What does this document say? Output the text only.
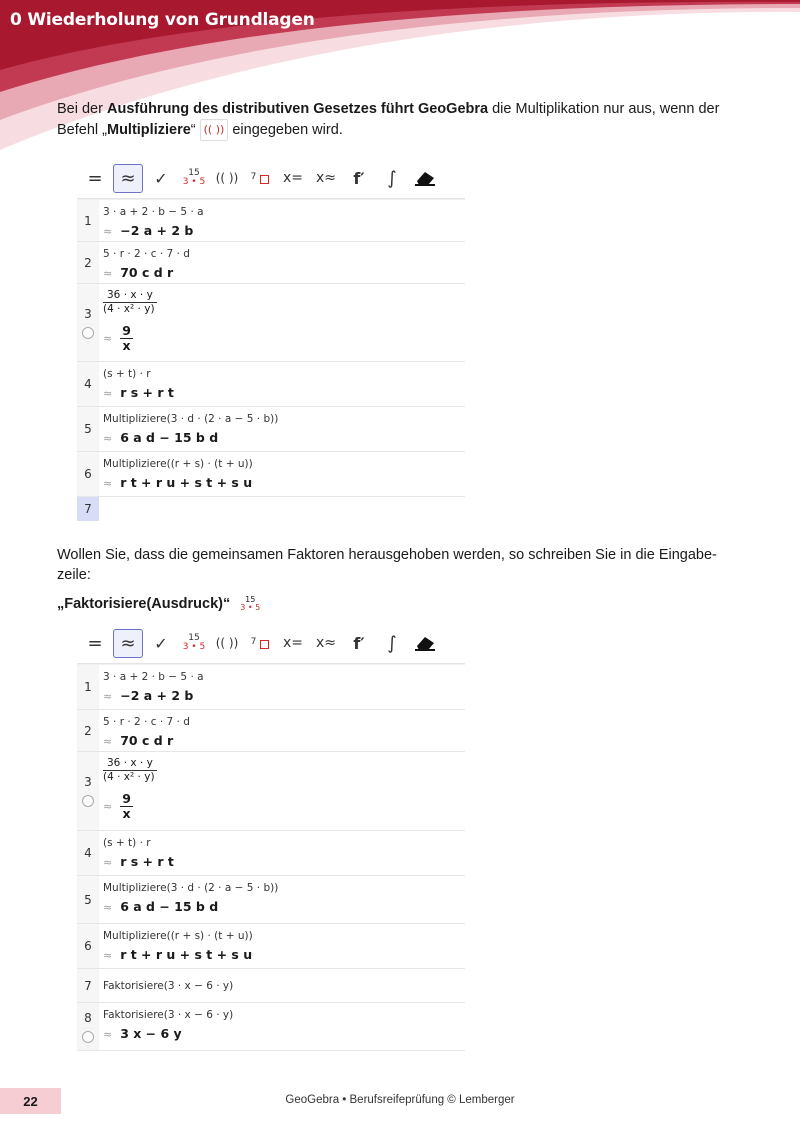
0 Wiederholung von Grundlagen
Bei der Ausführung des distributiven Gesetzes führt GeoGebra die Multiplikation nur aus, wenn der Befehl „Multipliziere“ (( )) eingegeben wird.
= ≈	✓	15
3 • 5 (( ))	7	x= x≈	f′	∫
1
3 · a + 2 · b − 5 · a
≈ −2 a + 2 b
2
5 · r · 2 · c · 7 · d
≈ 70 c d r
$3 \frac{36 \cdot x \cdot y}{\text{(4 · x² · y)}}$
≈ $\frac{9}{x}$
4
(s + t) · r
≈ r s + r t
5
Multipliziere(3 · d · (2 · a − 5 · b))
≈ 6 a d − 15 b d
6
Multipliziere((r + s) · (t + u))
≈ r t + r u + s t + s u
7
Wollen Sie, dass die gemeinsamen Faktoren herausgehoben werden, so schreiben Sie in die Eingabe-zeile:
„Faktorisiere(Ausdruck)“	15
3 • 5
= ≈	✓	15
3 • 5 (( ))	7	x= x≈	f′	∫
1
3 · a + 2 · b − 5 · a
≈ −2 a + 2 b
2
5 · r · 2 · c · 7 · d
≈ 70 c d r
$3 \frac{36 \cdot x \cdot y}{\text{(4 · x² · y)}}$
≈ $\frac{9}{x}$
4
(s + t) · r
≈ r s + r t
5
Multipliziere(3 · d · (2 · a − 5 · b))
≈ 6 a d − 15 b d
6
Multipliziere((r + s) · (t + u))
≈ r t + r u + s t + s u
7	Faktorisiere(3 · x − 6 · y)
8 Faktorisiere(3 · x − 6 · y)
≈ 3 x − 6 y
22	GeoGebra • Berufsreifeprüfung © Lemberger
